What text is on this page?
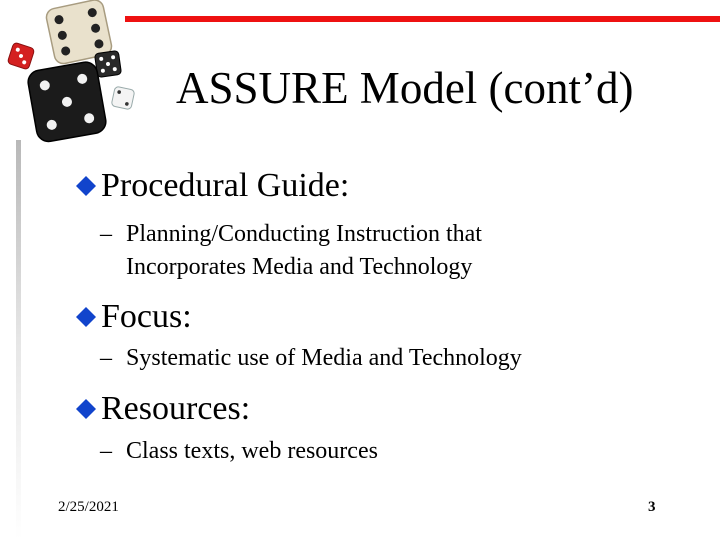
ASSURE Model (cont’d)
Procedural Guide:
– Planning/Conducting Instruction that
Incorporates Media and Technology
Focus:
– Systematic use of Media and Technology
Resources:
– Class texts, web resources
2/25/2021	3
